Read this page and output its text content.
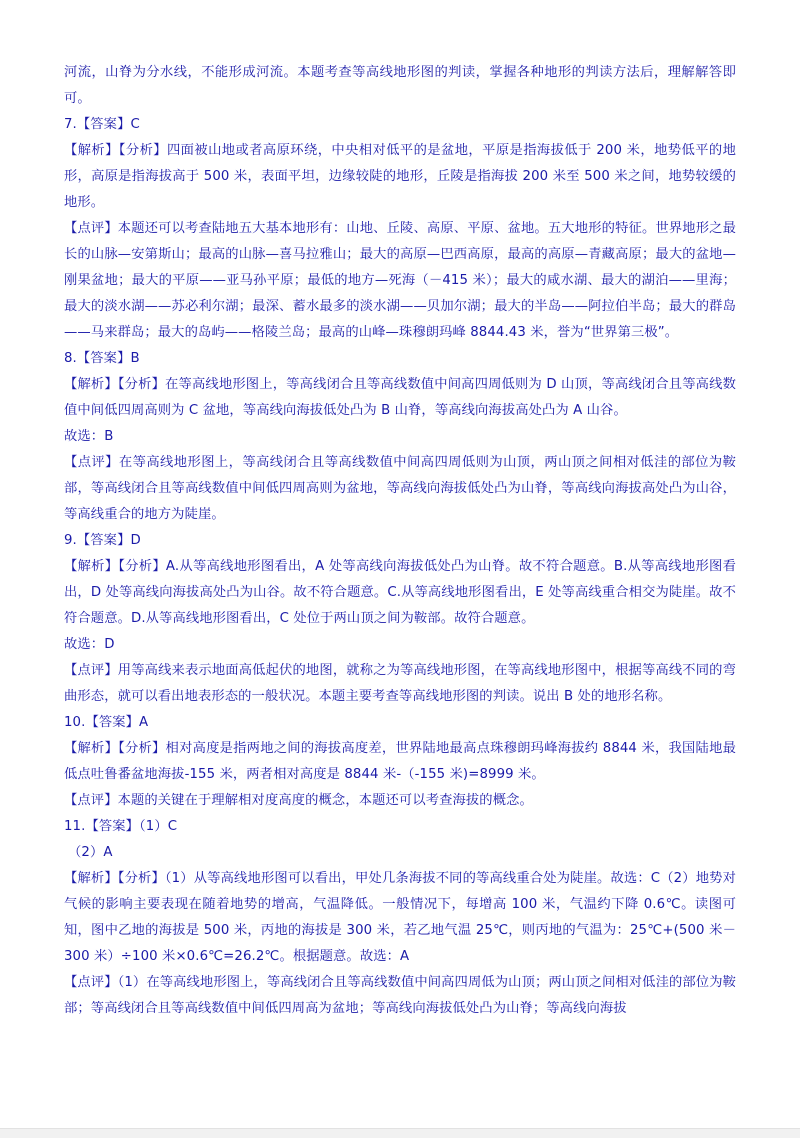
河流，山脊为分水线，不能形成河流。本题考查等高线地形图的判读，掌握各种地形的判读方法后，理解解答即可。

7.【答案】C

【解析】【分析】四面被山地或者高原环绕，中央相对低平的是盆地，平原是指海拔低于 200 米，地势低平的地形，高原是指海拔高于 500 米，表面平坦，边缘较陡的地形，丘陵是指海拔 200 米至 500 米之间，地势较缓的地形。

【点评】本题还可以考查陆地五大基本地形有：山地、丘陵、高原、平原、盆地。五大地形的特征。世界地形之最长的山脉—安第斯山；最高的山脉—喜马拉雅山；最大的高原—巴西高原，最高的高原—青藏高原；最大的盆地—刚果盆地；最大的平原——亚马孙平原；最低的地方—死海（－415 米）；最大的咸水湖、最大的湖泊——里海；最大的淡水湖——苏必利尔湖；最深、蓄水最多的淡水湖——贝加尔湖；最大的半岛——阿拉伯半岛；最大的群岛——马来群岛；最大的岛屿——格陵兰岛；最高的山峰—珠穆朗玛峰 8844.43 米，誉为“世界第三极”。

8.【答案】B

【解析】【分析】在等高线地形图上，等高线闭合且等高线数值中间高四周低则为 D 山顶，等高线闭合且等高线数值中间低四周高则为 C 盆地，等高线向海拔低处凸为 B 山脊，等高线向海拔高处凸为 A 山谷。

故选：B

【点评】在等高线地形图上，等高线闭合且等高线数值中间高四周低则为山顶，两山顶之间相对低洼的部位为鞍部，等高线闭合且等高线数值中间低四周高则为盆地，等高线向海拔低处凸为山脊，等高线向海拔高处凸为山谷，等高线重合的地方为陡崖。

9.【答案】D

【解析】【分析】A.从等高线地形图看出，A 处等高线向海拔低处凸为山脊。故不符合题意。B.从等高线地形图看出，D 处等高线向海拔高处凸为山谷。故不符合题意。C.从等高线地形图看出，E 处等高线重合相交为陡崖。故不符合题意。D.从等高线地形图看出，C 处位于两山顶之间为鞍部。故符合题意。

故选：D

【点评】用等高线来表示地面高低起伏的地图，就称之为等高线地形图，在等高线地形图中，根据等高线不同的弯曲形态，就可以看出地表形态的一般状况。本题主要考查等高线地形图的判读。说出 B 处的地形名称。

10.【答案】A

【解析】【分析】相对高度是指两地之间的海拔高度差，世界陆地最高点珠穆朗玛峰海拔约 8844 米，我国陆地最低点吐鲁番盆地海拔-155 米，两者相对高度是 8844 米-（-155 米)=8999 米。

【点评】本题的关键在于理解相对度高度的概念，本题还可以考查海拔的概念。

11.【答案】（1）C

（2）A

【解析】【分析】（1）从等高线地形图可以看出，甲处几条海拔不同的等高线重合处为陡崖。故选：C（2）地势对气候的影响主要表现在随着地势的增高，气温降低。一般情况下，每增高 100 米，气温约下降 0.6℃。读图可知，图中乙地的海拔是 500 米，丙地的海拔是 300 米，若乙地气温 25℃，则丙地的气温为：25℃+(500 米－300 米）÷100 米×0.6℃=26.2℃。根据题意。故选：A

【点评】（1）在等高线地形图上，等高线闭合且等高线数值中间高四周低为山顶；两山顶之间相对低洼的部位为鞍部；等高线闭合且等高线数值中间低四周高为盆地；等高线向海拔低处凸为山脊；等高线向海拔
